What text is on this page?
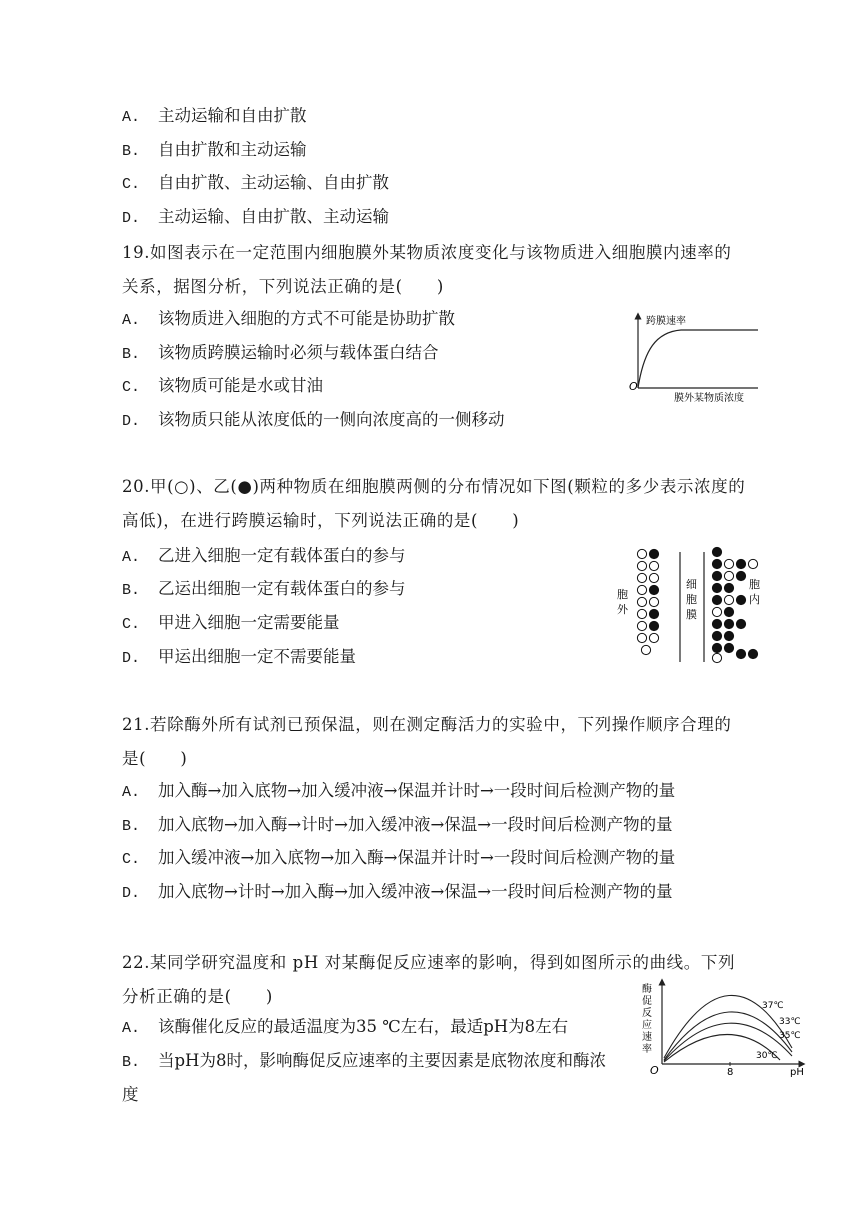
A. 主动运输和自由扩散
B. 自由扩散和主动运输
C. 自由扩散、主动运输、自由扩散
D. 主动运输、自由扩散、主动运输
19.如图表示在一定范围内细胞膜外某物质浓度变化与该物质进入细胞膜内速率的关系，据图分析，下列说法正确的是(　　)
A. 该物质进入细胞的方式不可能是协助扩散
B. 该物质跨膜运输时必须与载体蛋白结合
C. 该物质可能是水或甘油
D. 该物质只能从浓度低的一侧向浓度高的一侧移动
跨膜速率
O
膜外某物质浓度
20.甲(○)、乙(●)两种物质在细胞膜两侧的分布情况如下图(颗粒的多少表示浓度的高低)，在进行跨膜运输时，下列说法正确的是(　　)
A. 乙进入细胞一定有载体蛋白的参与
B. 乙运出细胞一定有载体蛋白的参与
C. 甲进入细胞一定需要能量
D. 甲运出细胞一定不需要能量
胞
外
细
胞
膜
胞
内
21.若除酶外所有试剂已预保温，则在测定酶活力的实验中，下列操作顺序合理的是(　　)
A. 加入酶→加入底物→加入缓冲液→保温并计时→一段时间后检测产物的量
B. 加入底物→加入酶→计时→加入缓冲液→保温→一段时间后检测产物的量
C. 加入缓冲液→加入底物→加入酶→保温并计时→一段时间后检测产物的量
D. 加入底物→计时→加入酶→加入缓冲液→保温→一段时间后检测产物的量
22.某同学研究温度和 pH 对某酶促反应速率的影响，得到如图所示的曲线。下列分析正确的是(　　)
A. 该酶催化反应的最适温度为35 ℃左右，最适pH为8左右
B. 当pH为8时，影响酶促反应速率的主要因素是底物浓度和酶浓
度
酶
促
反
应
速
率
O	8	pH
37℃
33℃
35℃
30℃
